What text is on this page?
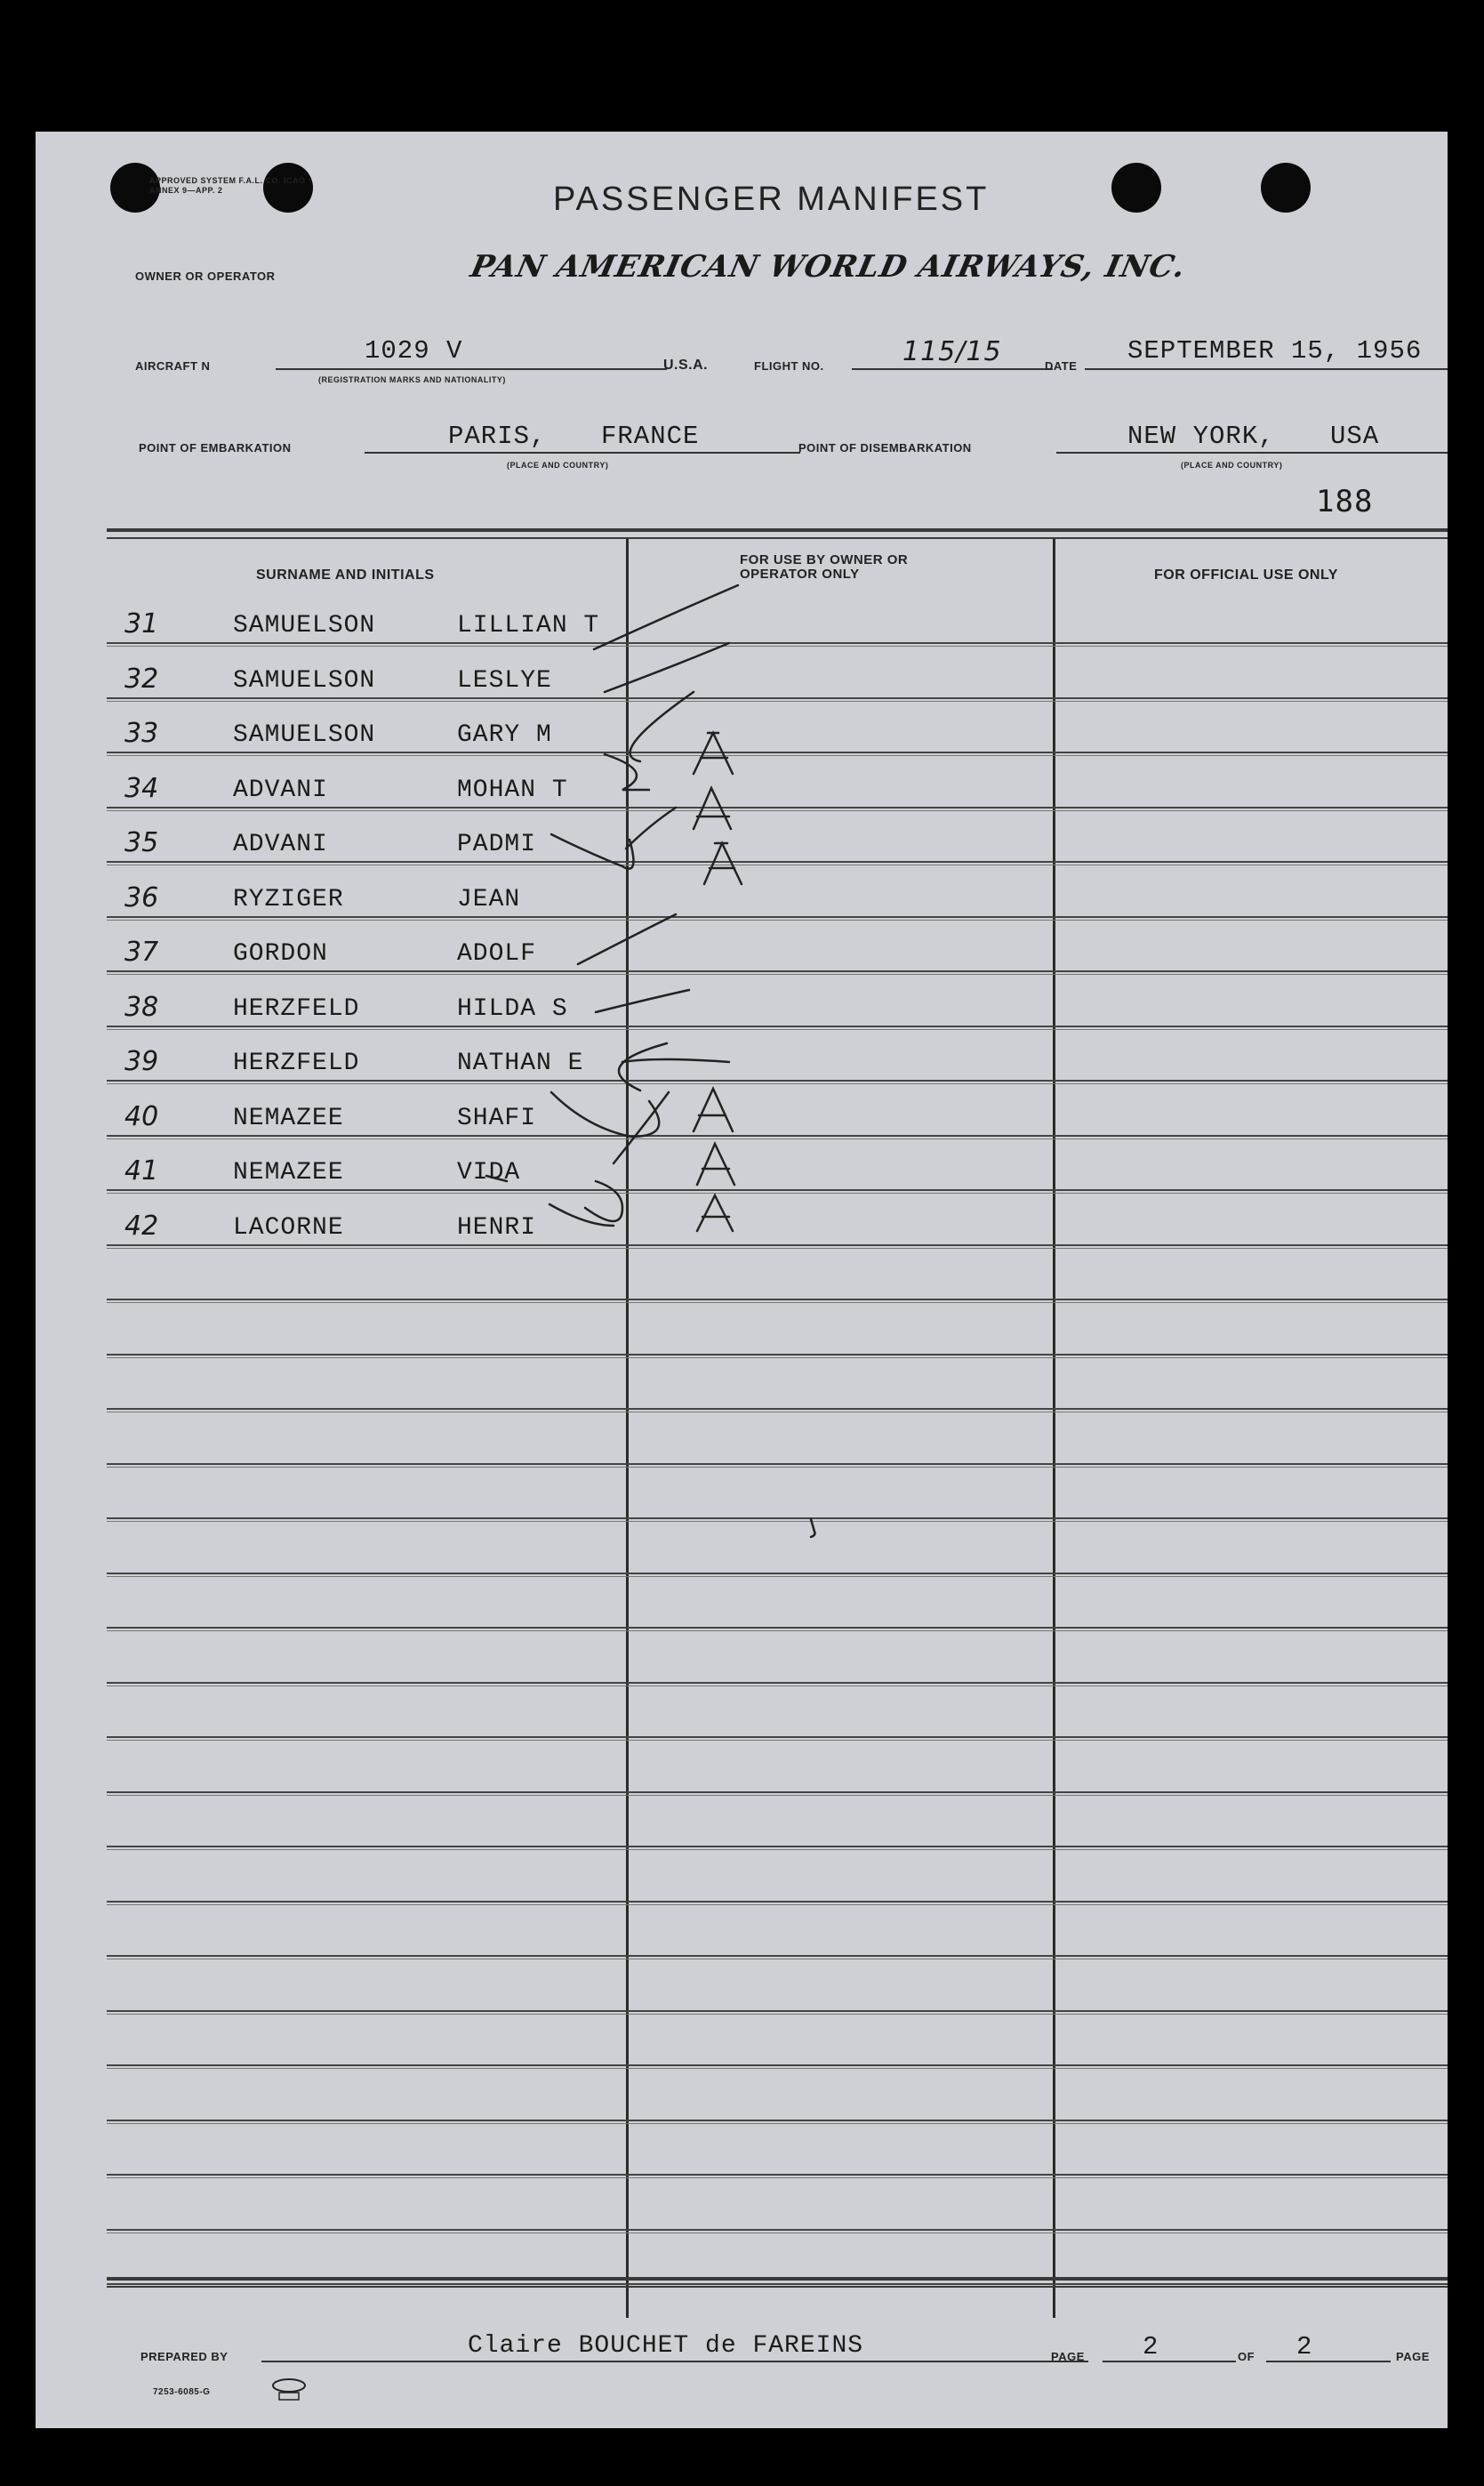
APPROVED SYSTEM F.A.L. CO. ICAO ANNEX 9—APP. 2	PASSENGER MANIFEST
OWNER OR OPERATOR	PAN AMERICAN WORLD AIRWAYS, INC.
AIRCRAFT N
1029 V
(REGISTRATION MARKS AND NATIONALITY)
U.S.A.	FLIGHT NO.	115/15	DATE
SEPTEMBER 15, 1956
POINT OF EMBARKATION	PARIS, FRANCE
(PLACE AND COUNTRY)
POINT OF DISEMBARKATION	NEW YORK, USA
(PLACE AND COUNTRY)
188
SURNAME AND INITIALS
FOR USE BY OWNER OR OPERATOR ONLY	FOR OFFICIAL USE ONLY
31	SAMUELSON	LILLIAN T
32	SAMUELSON	LESLYE
33	SAMUELSON	GARY M
34	ADVANI	MOHAN T
35	ADVANI	PADMI
36	RYZIGER	JEAN
37	GORDON	ADOLF
38	HERZFELD	HILDA S
39	HERZFELD	NATHAN E
40	NEMAZEE	SHAFI
41	NEMAZEE	VIDA
42	LACORNE	HENRI
PREPARED BY	Claire BOUCHET de FAREINS	PAGE 2	OF 2	PAGE
7253-6085-G
